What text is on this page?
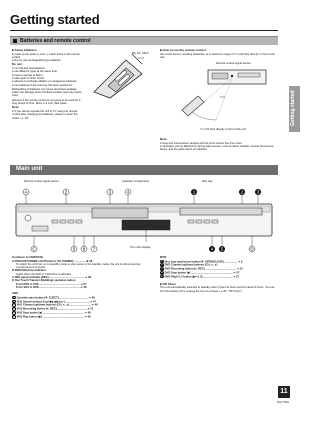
Getting started
Getting started
Batteries and remote control
■ About batteries
● Insert so the poles (+ and −) match those in the remote control.
● Do not use rechargeable type batteries.
Do not:
● mix old and new batteries.
● use different types at the same time.
● heat or expose to flame.
● take apart or short circuit.
● attempt to recharge alkaline or manganese batteries.
● use batteries if the covering has been peeled off.
Mishandling of batteries can cause electrolyte leakage which can damage items the fluid contacts and may cause a fire.
Remove if the remote control is not going to be used for a long period of time. Store in a cool, dark place.
Note
● If you cannot operate the unit or TV using the remote control after changing the batteries, please re-enter the codes. (➜ 19)
R6, AA, UM-3
■ How to use the remote control
Aim at the sensor, avoiding obstacles, at a maximum range of 7 m (23 feet) directly in front of the unit.
Remote control signal sensor
7 m
7 m (23 feet) directly in front of the unit
Note
● Keep the transmission window and the unit's sensor free from dust.
● Operation can be affected by strong light sources, such as direct sunlight, inverter fluorescent lamps, and the glass doors on cabinets.
Main unit
Remote control signal sensor	Cassette compartment	Disc tray
A	2	3	4	1	2	3
C	5 6 7	4 5	D
The unit's display
Common to DVD/VHS
A DVD/VHS POWER on/off button [ ⏻/I, POWER] ............... ➜ 18
To switch the unit from on to standby mode or vice versa. In the standby mode, the unit is still consuming a small amount of power.
B DVD/VHS drive indicator
Lights when the DVD or VHS drive is selected.
C REC input terminals (REC) ............................................... ➜ 83
D One Touch Transfer (Dubbing) operation button
From DVD to VHS ...................................................... ➜ 57
From VHS to DVD ...................................................... ➜ 58
VHS
1 Cassette eject button [≜, EJECT] ...................................... ➜ 48
2 VHS Search buttons [◁◁/◀◀, ▶▶/▷▷] ................................ ➜ 47
3 VHS Channel up/down buttons (CH, ∧, ∨) ............................ ➜ 48
4 VHS Recording button [●, REC] ....................................... ➜ 51
5 VHS Stop button [■] ....................................................... ➜ 49
6 VHS Play button [▶] ....................................................... ➜ 46
DVD
1 Disc tray open/close button [≜, OPEN/CLOSE] ................. ➜ 9
2 DVD Channel up/down buttons (CH, ∧, ∨)
3 DVD Recording button [●, REC] ......................................... ➜ 31
4 DVD Stop button [■] ........................................................ ➜ 27
5 DVD Play/×1.3 button [▶/×1.3] ....................................... ➜ 27
■ DR Timer
The unit automatically switches to standby when it has not been used for about 6 hours. You can turn this feature off or change the time to 2 hours. (➜ 83, "Off Timer")
11
RQT7894
